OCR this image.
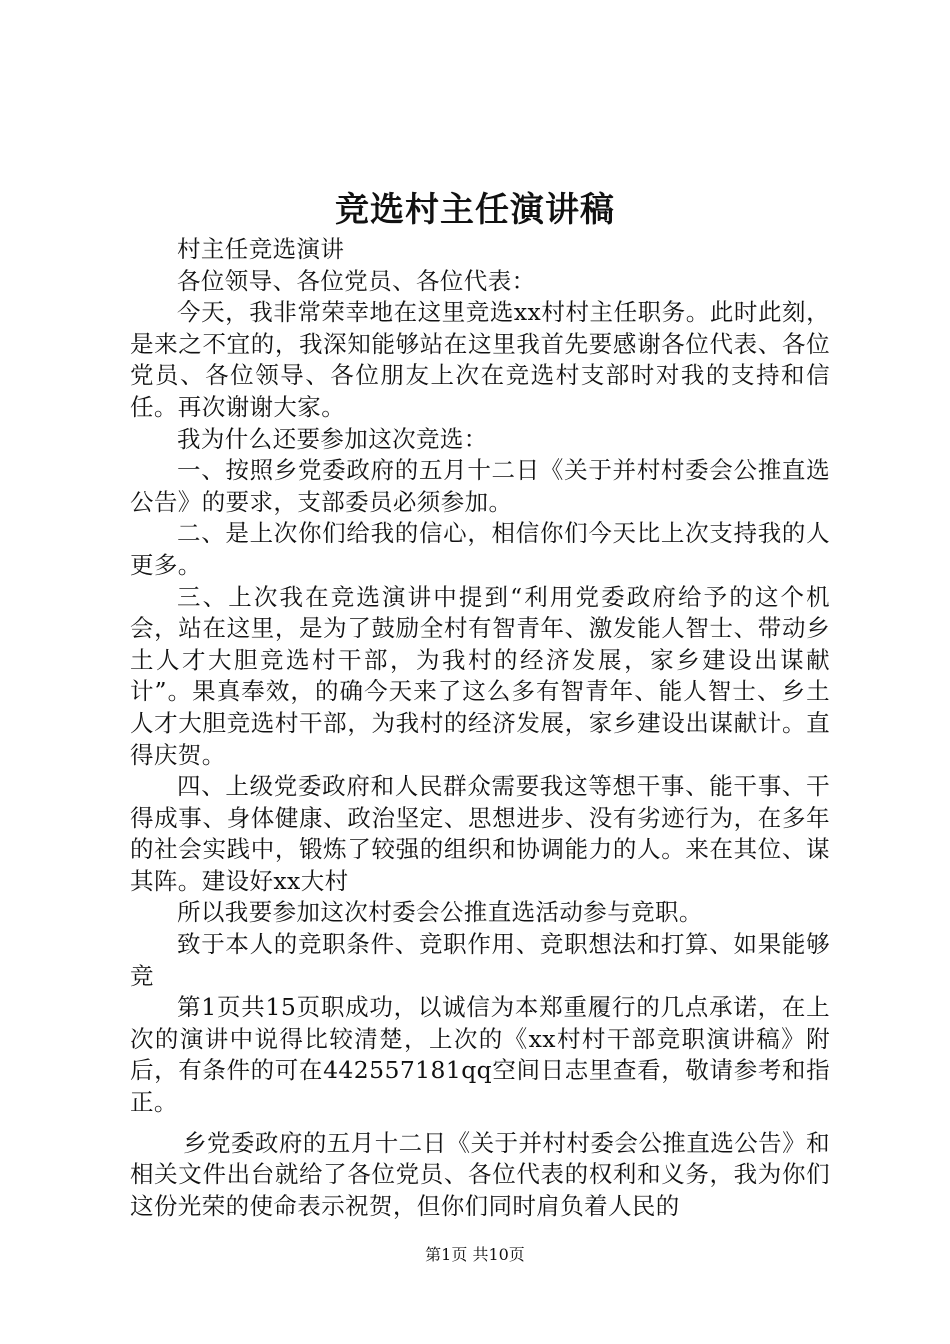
竞选村主任演讲稿

村主任竞选演讲

各位领导、各位党员、各位代表：

今天，我非常荣幸地在这里竞选xx村村主任职务。此时此刻，是来之不宜的，我深知能够站在这里我首先要感谢各位代表、各位党员、各位领导、各位朋友上次在竞选村支部时对我的支持和信任。再次谢谢大家。

我为什么还要参加这次竞选：

一、按照乡党委政府的五月十二日《关于并村村委会公推直选公告》的要求，支部委员必须参加。

二、是上次你们给我的信心，相信你们今天比上次支持我的人更多。

三、上次我在竞选演讲中提到“利用党委政府给予的这个机会，站在这里，是为了鼓励全村有智青年、激发能人智士、带动乡土人才大胆竞选村干部，为我村的经济发展，家乡建设出谋献计”。果真奉效，的确今天来了这么多有智青年、能人智士、乡土人才大胆竞选村干部，为我村的经济发展，家乡建设出谋献计。直得庆贺。

四、上级党委政府和人民群众需要我这等想干事、能干事、干得成事、身体健康、政治坚定、思想进步、没有劣迹行为，在多年的社会实践中，锻炼了较强的组织和协调能力的人。来在其位、谋其阵。建设好xx大村

所以我要参加这次村委会公推直选活动参与竞职。

致于本人的竞职条件、竞职作用、竞职想法和打算、如果能够竞

第1页共15页职成功，以诚信为本郑重履行的几点承诺，在上次的演讲中说得比较清楚，上次的《xx村村干部竞职演讲稿》附后，有条件的可在442557181qq空间日志里查看，敬请参考和指正。

乡党委政府的五月十二日《关于并村村委会公推直选公告》和相关文件出台就给了各位党员、各位代表的权利和义务，我为你们这份光荣的使命表示祝贺，但你们同时肩负着人民的

第1页 共10页
